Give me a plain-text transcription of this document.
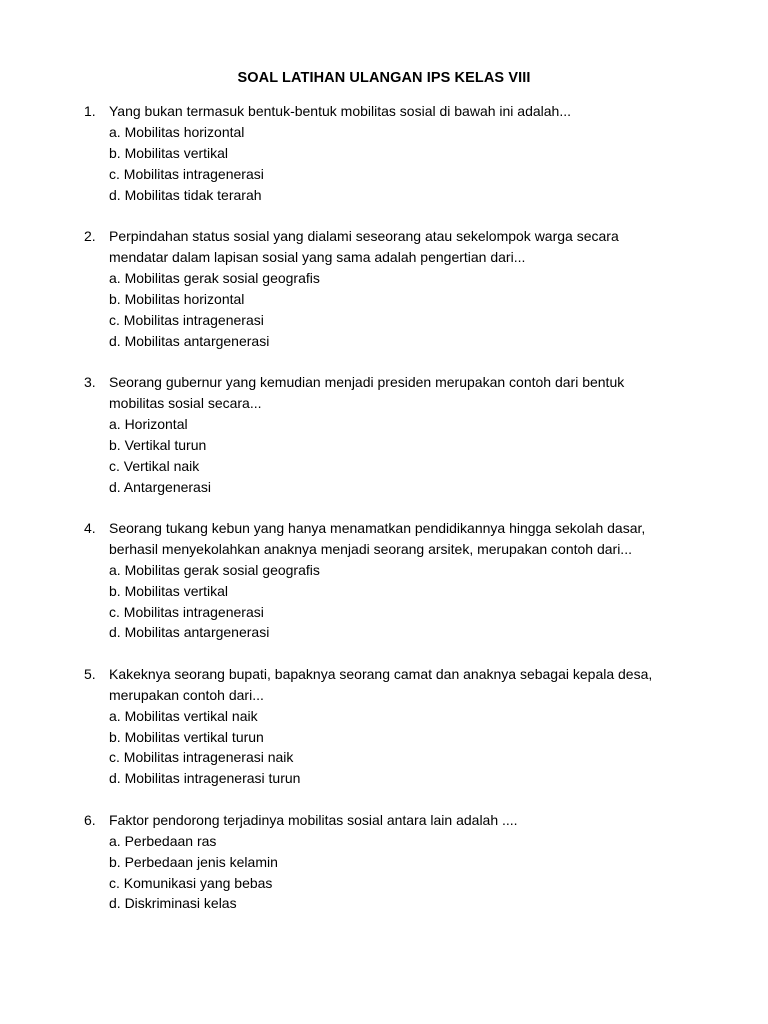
SOAL LATIHAN ULANGAN IPS KELAS VIII
1. Yang bukan termasuk bentuk-bentuk mobilitas sosial di bawah ini adalah...
a. Mobilitas horizontal
b. Mobilitas vertikal
c. Mobilitas intragenerasi
d. Mobilitas tidak terarah
2. Perpindahan status sosial yang dialami seseorang atau sekelompok warga secara
mendatar dalam lapisan sosial yang sama adalah pengertian dari...
a. Mobilitas gerak sosial geografis
b. Mobilitas horizontal
c. Mobilitas intragenerasi
d. Mobilitas antargenerasi
3. Seorang gubernur yang kemudian menjadi presiden merupakan contoh dari bentuk
mobilitas sosial secara...
a. Horizontal
b. Vertikal turun
c. Vertikal naik
d. Antargenerasi
4. Seorang tukang kebun yang hanya menamatkan pendidikannya hingga sekolah dasar,
berhasil menyekolahkan anaknya menjadi seorang arsitek, merupakan contoh dari...
a. Mobilitas gerak sosial geografis
b. Mobilitas vertikal
c. Mobilitas intragenerasi
d. Mobilitas antargenerasi
5. Kakeknya seorang bupati, bapaknya seorang camat dan anaknya sebagai kepala desa,
merupakan contoh dari...
a. Mobilitas vertikal naik
b. Mobilitas vertikal turun
c. Mobilitas intragenerasi naik
d. Mobilitas intragenerasi turun
6. Faktor pendorong terjadinya mobilitas sosial antara lain adalah ....
a. Perbedaan ras
b. Perbedaan jenis kelamin
c. Komunikasi yang bebas
d. Diskriminasi kelas
